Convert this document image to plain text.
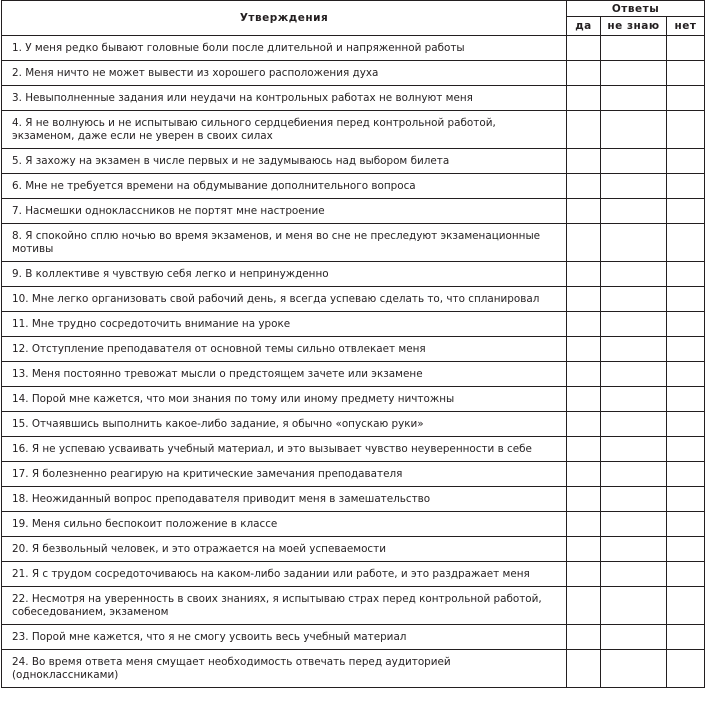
Утверждения	Ответы		
	да	не знаю	нет
1. У меня редко бывают головные боли после длительной и напряженной работы			
2. Меня ничто не может вывести из хорошего расположения духа			
3. Невыполненные задания или неудачи на контрольных работах не волнуют меня			
4. Я не волнуюсь и не испытываю сильного сердцебиения перед контрольной работой, экзаменом, даже если не уверен в своих силах			
5. Я захожу на экзамен в числе первых и не задумываюсь над выбором билета			
6. Мне не требуется времени на обдумывание дополнительного вопроса			
7. Насмешки одноклассников не портят мне настроение			
8. Я спокойно сплю ночью во время экзаменов, и меня во сне не преследуют экзаменационные мотивы			
9. В коллективе я чувствую себя легко и непринужденно			
10. Мне легко организовать свой рабочий день, я всегда успеваю сделать то, что спланировал			
11. Мне трудно сосредоточить внимание на уроке			
12. Отступление преподавателя от основной темы сильно отвлекает меня			
13. Меня постоянно тревожат мысли о предстоящем зачете или экзамене			
14. Порой мне кажется, что мои знания по тому или иному предмету ничтожны			
15. Отчаявшись выполнить какое-либо задание, я обычно «опускаю руки»			
16. Я не успеваю усваивать учебный материал, и это вызывает чувство неуверенности в себе			
17. Я болезненно реагирую на критические замечания преподавателя			
18. Неожиданный вопрос преподавателя приводит меня в замешательство			
19. Меня сильно беспокоит положение в классе			
20. Я безвольный человек, и это отражается на моей успеваемости			
21. Я с трудом сосредоточиваюсь на каком-либо задании или работе, и это раздражает меня			
22. Несмотря на уверенность в своих знаниях, я испытываю страх перед контрольной работой, собеседованием, экзаменом			
23. Порой мне кажется, что я не смогу усвоить весь учебный материал			
24. Во время ответа меня смущает необходимость отвечать перед аудиторией (одноклассниками)			
